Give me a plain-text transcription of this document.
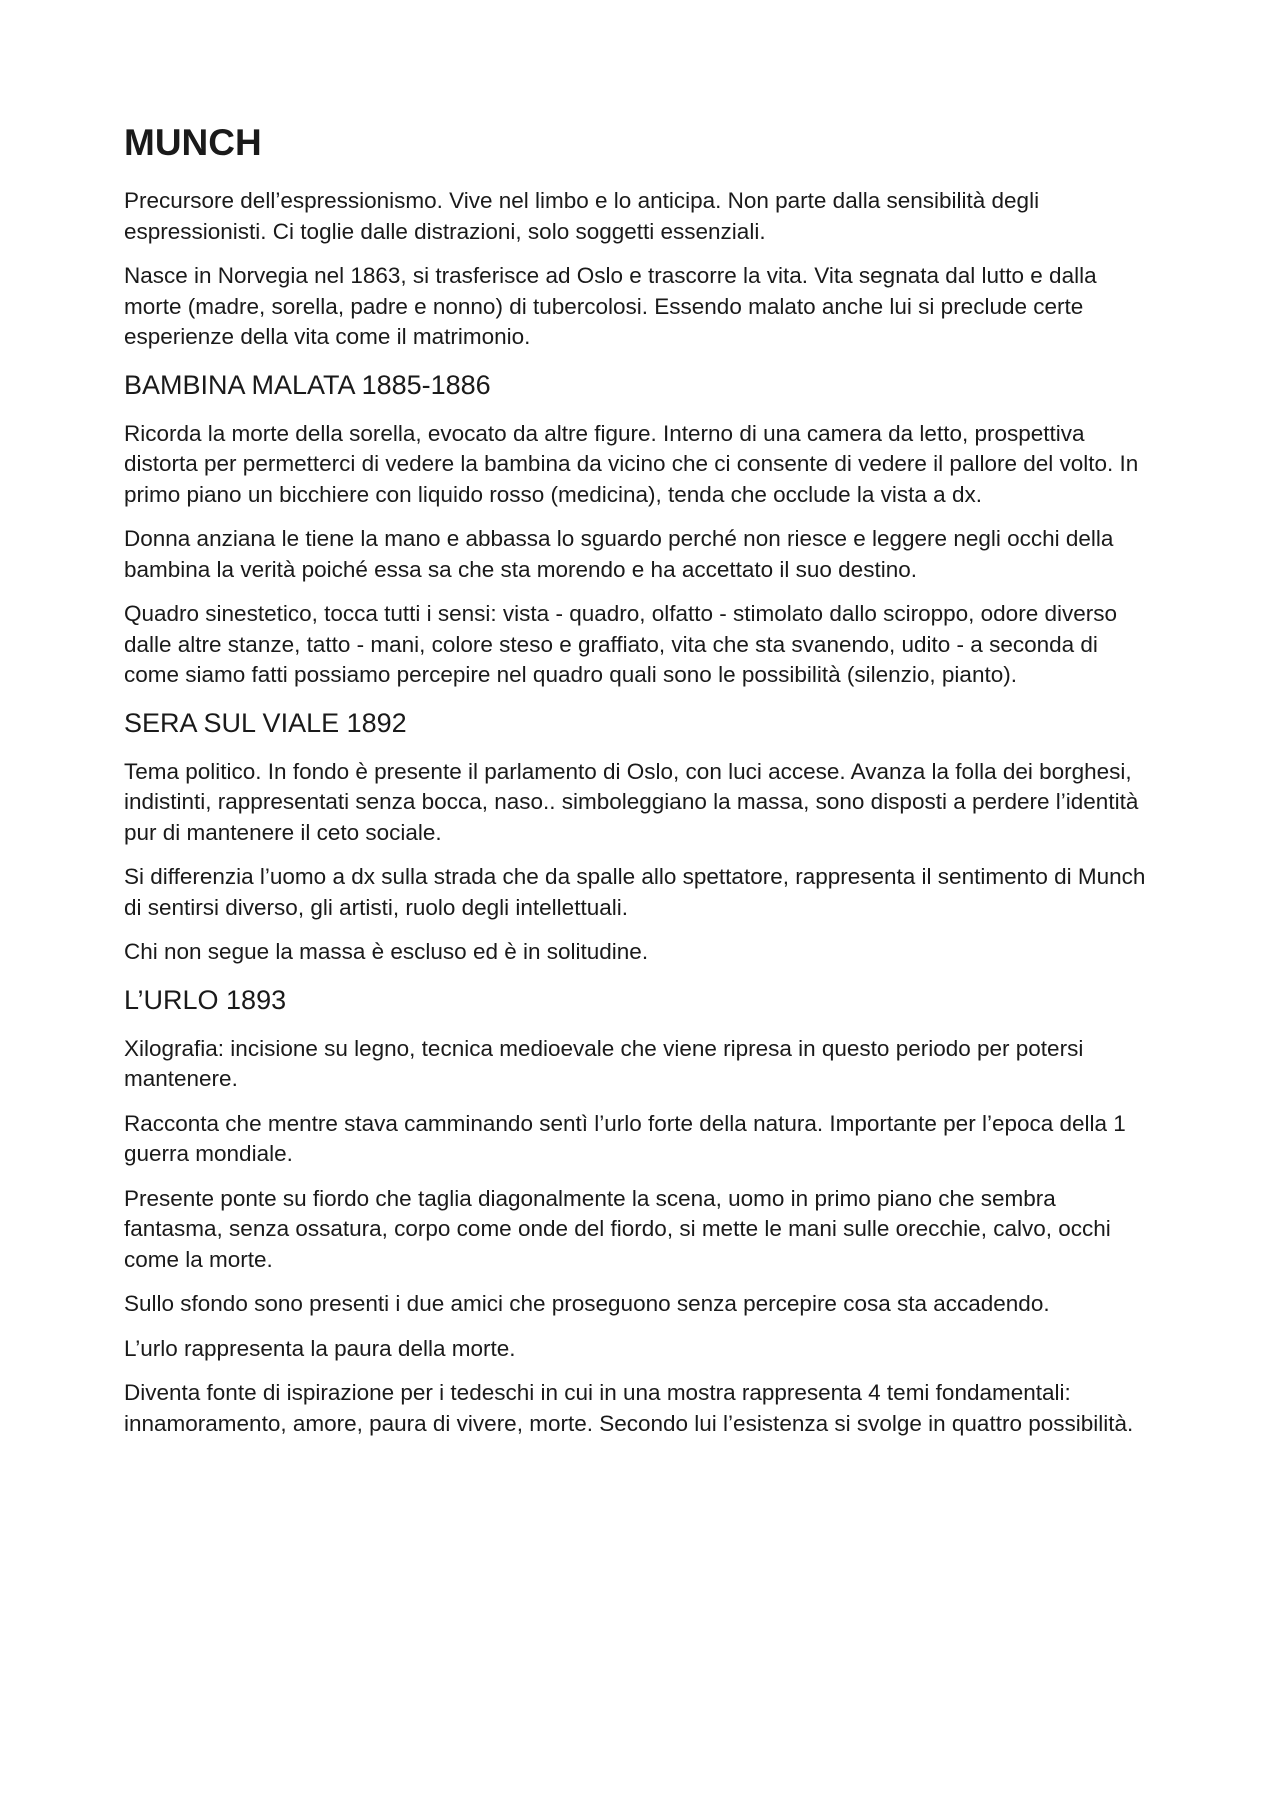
MUNCH

Precursore dell’espressionismo. Vive nel limbo e lo anticipa. Non parte dalla sensibilità degli espressionisti. Ci toglie dalle distrazioni, solo soggetti essenziali.

Nasce in Norvegia nel 1863, si trasferisce ad Oslo e trascorre la vita. Vita segnata dal lutto e dalla morte (madre, sorella, padre e nonno) di tubercolosi. Essendo malato anche lui si preclude certe esperienze della vita come il matrimonio.

BAMBINA MALATA 1885-1886

Ricorda la morte della sorella, evocato da altre figure. Interno di una camera da letto, prospettiva distorta per permetterci di vedere la bambina da vicino che ci consente di vedere il pallore del volto. In primo piano un bicchiere con liquido rosso (medicina), tenda che occlude la vista a dx.

Donna anziana le tiene la mano e abbassa lo sguardo perché non riesce e leggere negli occhi della bambina la verità poiché essa sa che sta morendo e ha accettato il suo destino.

Quadro sinestetico, tocca tutti i sensi: vista - quadro, olfatto - stimolato dallo sciroppo, odore diverso dalle altre stanze, tatto - mani, colore steso e graffiato, vita che sta svanendo, udito - a seconda di come siamo fatti possiamo percepire nel quadro quali sono le possibilità (silenzio, pianto).

SERA SUL VIALE 1892

Tema politico. In fondo è presente il parlamento di Oslo, con luci accese. Avanza la folla dei borghesi, indistinti, rappresentati senza bocca, naso.. simboleggiano la massa, sono disposti a perdere l’identità pur di mantenere il ceto sociale.

Si differenzia l’uomo a dx sulla strada che da spalle allo spettatore, rappresenta il sentimento di Munch di sentirsi diverso, gli artisti, ruolo degli intellettuali.

Chi non segue la massa è escluso ed è in solitudine.

L’URLO 1893

Xilografia: incisione su legno, tecnica medioevale che viene ripresa in questo periodo per potersi mantenere.

Racconta che mentre stava camminando sentì l’urlo forte della natura. Importante per l’epoca della 1 guerra mondiale.

Presente ponte su fiordo che taglia diagonalmente la scena, uomo in primo piano che sembra fantasma, senza ossatura, corpo come onde del fiordo, si mette le mani sulle orecchie, calvo, occhi come la morte.

Sullo sfondo sono presenti i due amici che proseguono senza percepire cosa sta accadendo.

L’urlo rappresenta la paura della morte.

Diventa fonte di ispirazione per i tedeschi in cui in una mostra rappresenta 4 temi fondamentali: innamoramento, amore, paura di vivere, morte. Secondo lui l’esistenza si svolge in quattro possibilità.
